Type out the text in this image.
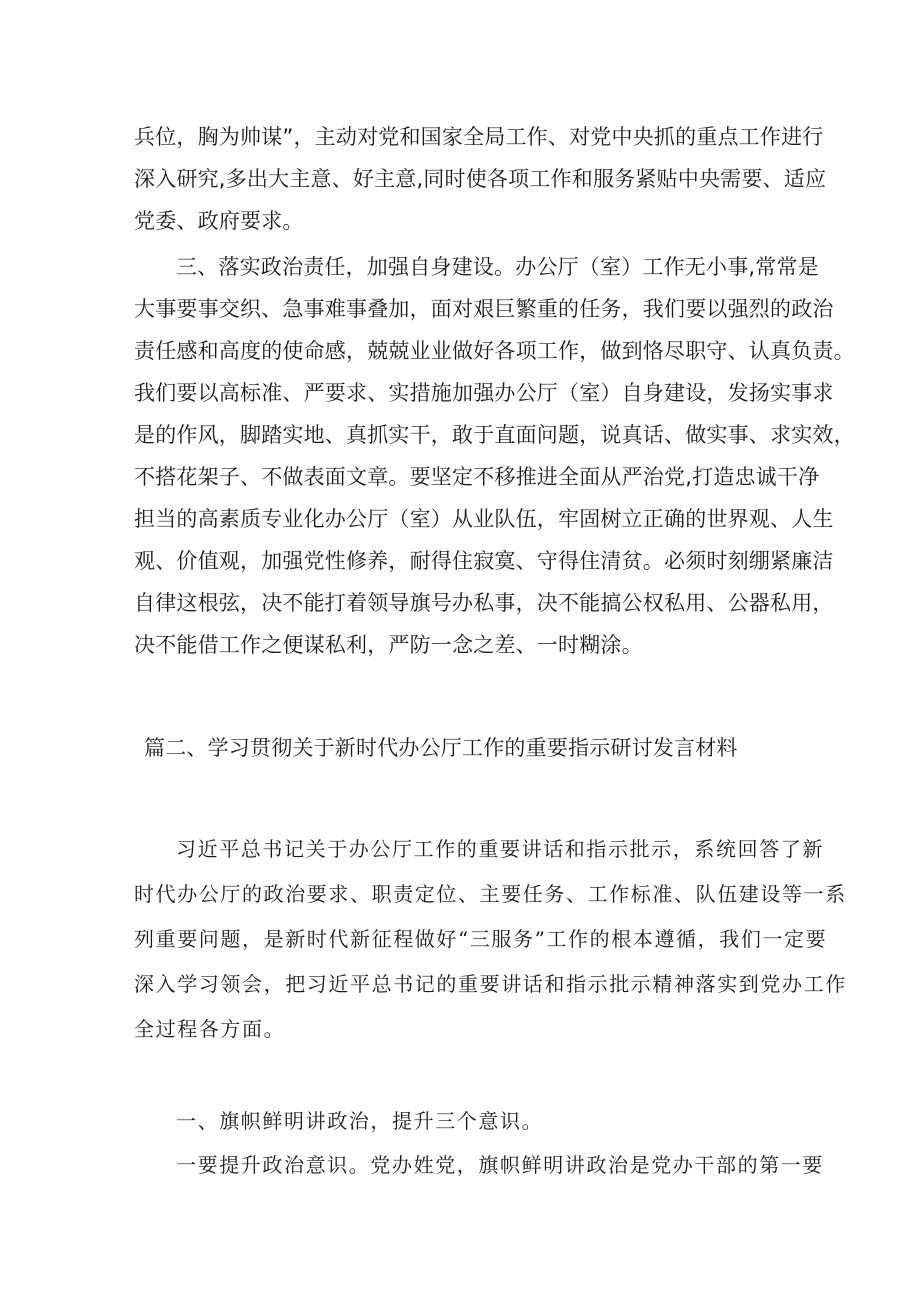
兵位，胸为帅谋”，主动对党和国家全局工作、对党中央抓的重点工作进行
深入研究,多出大主意、好主意,同时使各项工作和服务紧贴中央需要、适应
党委、政府要求。
三、落实政治责任，加强自身建设。办公厅（室）工作无小事,常常是
大事要事交织、急事难事叠加，面对艰巨繁重的任务，我们要以强烈的政治
责任感和高度的使命感，兢兢业业做好各项工作，做到恪尽职守、认真负责。
我们要以高标准、严要求、实措施加强办公厅（室）自身建设，发扬实事求
是的作风，脚踏实地、真抓实干，敢于直面问题，说真话、做实事、求实效，
不搭花架子、不做表面文章。要坚定不移推进全面从严治党,打造忠诚干净
担当的高素质专业化办公厅（室）从业队伍，牢固树立正确的世界观、人生
观、价值观，加强党性修养，耐得住寂寞、守得住清贫。必须时刻绷紧廉洁
自律这根弦，决不能打着领导旗号办私事，决不能搞公权私用、公器私用，
决不能借工作之便谋私利，严防一念之差、一时糊涂。
篇二、学习贯彻关于新时代办公厅工作的重要指示研讨发言材料
习近平总书记关于办公厅工作的重要讲话和指示批示，系统回答了新
时代办公厅的政治要求、职责定位、主要任务、工作标准、队伍建设等一系
列重要问题，是新时代新征程做好“三服务”工作的根本遵循，我们一定要
深入学习领会，把习近平总书记的重要讲话和指示批示精神落实到党办工作
全过程各方面。
一、旗帜鲜明讲政治，提升三个意识。
一要提升政治意识。党办姓党，旗帜鲜明讲政治是党办干部的第一要
